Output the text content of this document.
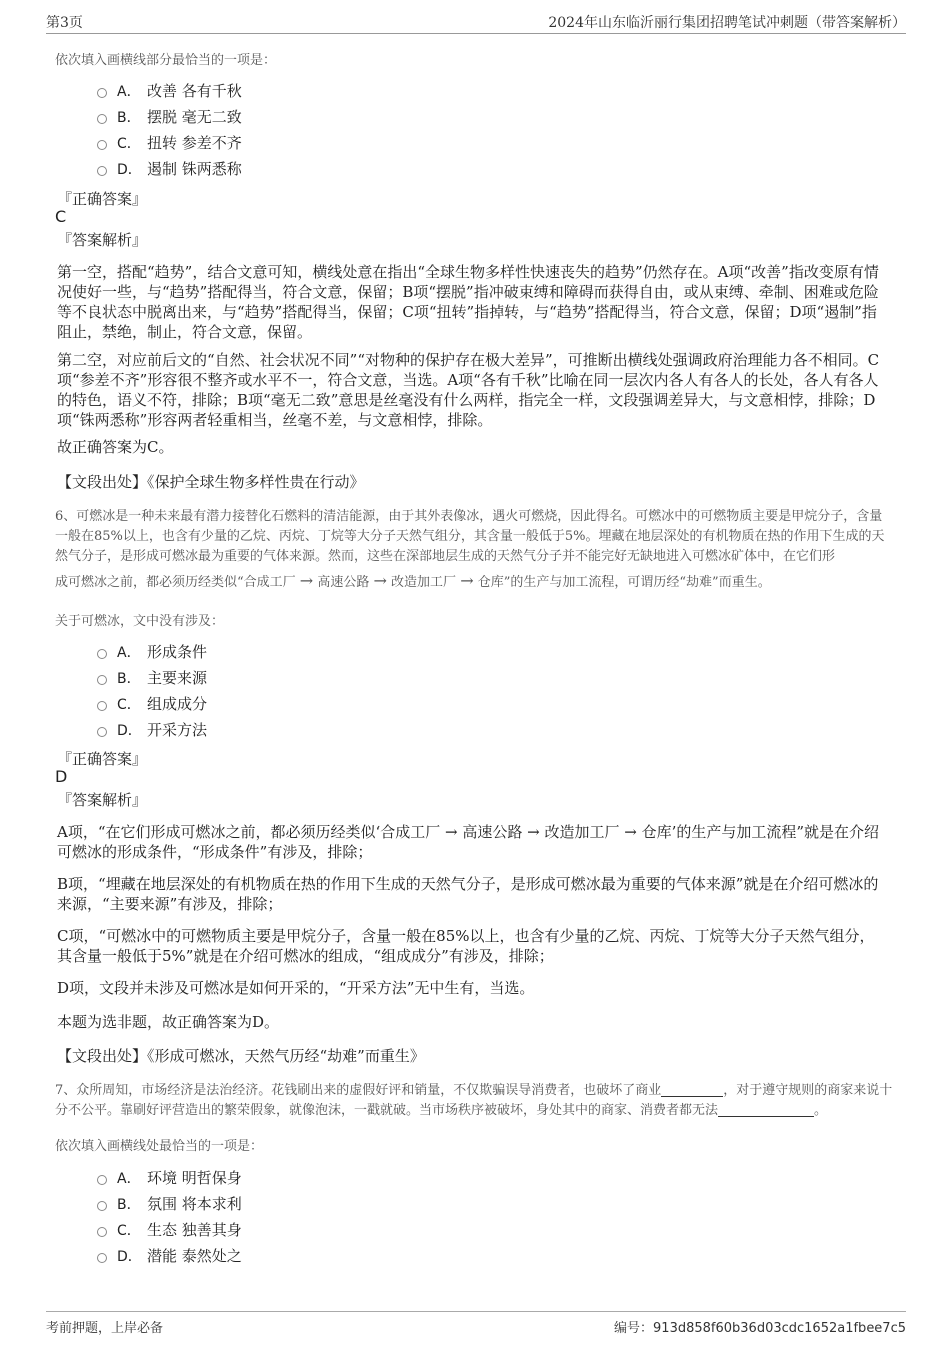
第3页	2024年山东临沂丽行集团招聘笔试冲刺题（带答案解析）
依次填入画横线部分最恰当的一项是：
A． 改善 各有千秋
B． 摆脱 毫无二致
C． 扭转 参差不齐
D． 遏制 铢两悉称
『正确答案』
C
『答案解析』
第一空，搭配“趋势”，结合文意可知，横线处意在指出“全球生物多样性快速丧失的趋势”仍然存在。A项“改善”指改变原有情况使好一些，与“趋势”搭配得当，符合文意，保留；B项“摆脱”指冲破束缚和障碍而获得自由，或从束缚、牵制、困难或危险等不良状态中脱离出来，与“趋势”搭配得当，保留；C项“扭转”指掉转，与“趋势”搭配得当，符合文意，保留；D项“遏制”指阻止，禁绝，制止，符合文意，保留。
第二空，对应前后文的“自然、社会状况不同”“对物种的保护存在极大差异”，可推断出横线处强调政府治理能力各不相同。C项“参差不齐”形容很不整齐或水平不一，符合文意，当选。A项“各有千秋”比喻在同一层次内各人有各人的长处，各人有各人的特色，语义不符，排除；B项“毫无二致”意思是丝毫没有什么两样，指完全一样，文段强调差异大，与文意相悖，排除；D项“铢两悉称”形容两者轻重相当，丝毫不差，与文意相悖，排除。
故正确答案为C。
【文段出处】《保护全球生物多样性贵在行动》
6、可燃冰是一种未来最有潜力接替化石燃料的清洁能源，由于其外表像冰，遇火可燃烧，因此得名。可燃冰中的可燃物质主要是甲烷分子，含量一般在85%以上，也含有少量的乙烷、丙烷、丁烷等大分子天然气组分，其含量一般低于5%。埋藏在地层深处的有机物质在热的作用下生成的天然气分子，是形成可燃冰最为重要的气体来源。然而，这些在深部地层生成的天然气分子并不能完好无缺地进入可燃冰矿体中，在它们形
成可燃冰之前，都必须历经类似“合成工厂 → 高速公路 → 改造加工厂 → 仓库”的生产与加工流程，可谓历经“劫难”而重生。
关于可燃冰，文中没有涉及：
A． 形成条件
B． 主要来源
C． 组成成分
D． 开采方法
『正确答案』
D
『答案解析』
A项，“在它们形成可燃冰之前，都必须历经类似‘合成工厂 → 高速公路 → 改造加工厂 → 仓库’的生产与加工流程”就是在介绍可燃冰的形成条件，“形成条件”有涉及，排除；
B项，“埋藏在地层深处的有机物质在热的作用下生成的天然气分子，是形成可燃冰最为重要的气体来源”就是在介绍可燃冰的来源，“主要来源”有涉及，排除；
C项，“可燃冰中的可燃物质主要是甲烷分子，含量一般在85%以上，也含有少量的乙烷、丙烷、丁烷等大分子天然气组分，其含量一般低于5%”就是在介绍可燃冰的组成，“组成成分”有涉及，排除；
D项，文段并未涉及可燃冰是如何开采的，“开采方法”无中生有，当选。
本题为选非题，故正确答案为D。
【文段出处】《形成可燃冰，天然气历经“劫难”而重生》
7、众所周知，市场经济是法治经济。花钱刷出来的虚假好评和销量，不仅欺骗误导消费者，也破坏了商业	，对于遵守规则的商家来说十分不公平。靠刷好评营造出的繁荣假象，就像泡沫，一戳就破。当市场秩序被破坏，身处其中的商家、消费者都无法	。
依次填入画横线处最恰当的一项是：
A． 环境 明哲保身
B． 氛围 将本求利
C． 生态 独善其身
D． 潜能 泰然处之
考前押题，上岸必备	编号：913d858f60b36d03cdc1652a1fbee7c5
